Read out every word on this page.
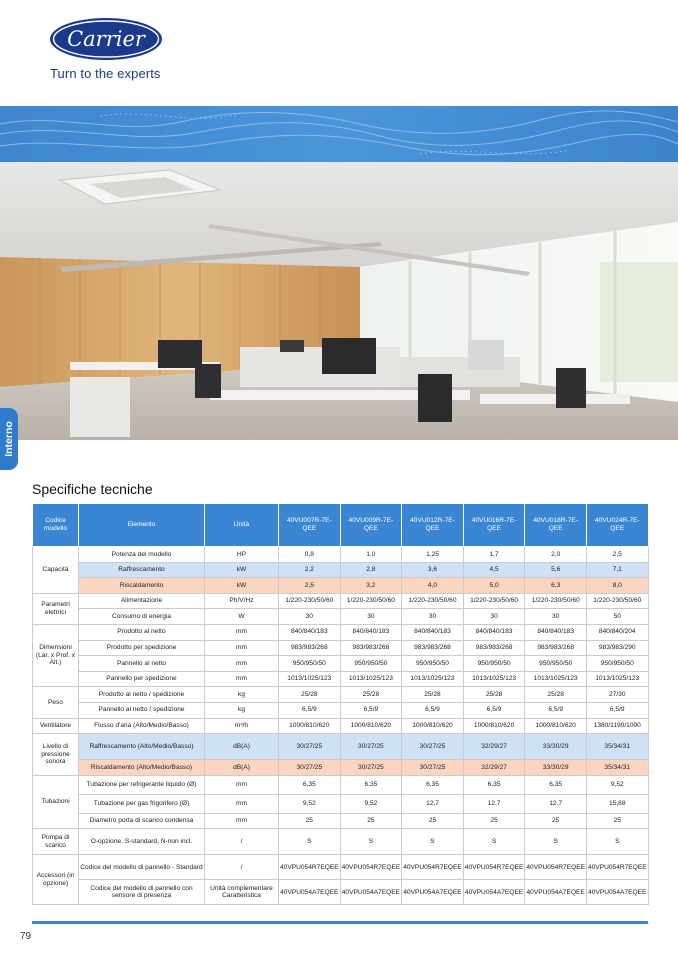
Carrier
Turn to the experts
Interno
Specifiche tecniche
Codice modello	Elemento	Unità	40VU007R-7E-QEE	40VU009R-7E-QEE	40VU012R-7E-QEE	40VU016R-7E-QEE	40VU018R-7E-QEE	40VU024R-7E-QEE
Capacità	Potenza del modello	HP	0,8	1,0	1,25	1,7	2,0	2,5
	Raffrescamento	kW	2,2	2,8	3,6	4,5	5,6	7,1
	Riscaldamento	kW	2,5	3,2	4,0	5,0	6,3	8,0
Parametri elettrici	Alimentazione	Ph/V/Hz	1/220-230/50/60	1/220-230/50/60	1/220-230/50/60	1/220-230/50/60	1/220-230/50/60	1/220-230/50/60
	Consumo di energia	W	30	30	30	30	30	50
Dimensioni (Lar. x Prof. x Alt.)	Prodotto al netto	mm	840/840/183	840/840/183	840/840/183	840/840/183	840/840/183	840/840/204
	Prodotto per spedizione	mm	983/983/268	983/983/268	983/983/268	983/983/268	983/983/268	983/983/290
	Pannello al netto	mm	950/950/50	950/950/50	950/950/50	950/950/50	950/950/50	950/950/50
	Pannello per spedizione	mm	1013/1025/123	1013/1025/123	1013/1025/123	1013/1025/123	1013/1025/123	1013/1025/123
Peso	Prodotto al netto / spedizione	kg	25/28	25/28	25/28	25/28	25/28	27/30
	Pannello al netto / spedizione	kg	6,5/9	6,5/9	6,5/9	6,5/9	6,5/9	6,5/9
Ventilatore	Flusso d'aria (Alto/Medio/Basso)	m³/h	1000/810/620	1000/810/620	1000/810/620	1000/810/620	1000/810/620	1380/1190/1000
Livello di pressione sonora	Raffrescamento (Alto/Medio/Basso)	dB(A)	30/27/25	30/27/25	30/27/25	32/29/27	33/30/29	35/34/31
	Riscaldamento (Alto/Medio/Basso)	dB(A)	30/27/25	30/27/25	30/27/25	32/29/27	33/30/29	35/34/31
Tubazioni	Tubazione per refrigerante liquido (Ø)	mm	6,35	6,35	6,35	6,35	6,35	9,52
	Tubazione per gas frigorifero (Ø)	mm	9,52	9,52	12,7	12,7	12,7	15,88
	Diametro porta di scarico condensa	mm	25	25	25	25	25	25
Pompa di scarico	O-opzione, S-standard, N-non incl.	/	S	S	S	S	S	S
Accessori (in opzione)	Codice del modello di pannello - Standard	/	40VPU054R7EQEE	40VPU054R7EQEE	40VPU054R7EQEE	40VPU054R7EQEE	40VPU054R7EQEE	40VPU054R7EQEE
	Codice del modello di pannello con sensore di presenza	Unità complementare Caratteristica	40VPU054A7EQEE	40VPU054A7EQEE	40VPU054A7EQEE	40VPU054A7EQEE	40VPU054A7EQEE	40VPU054A7EQEE
79
